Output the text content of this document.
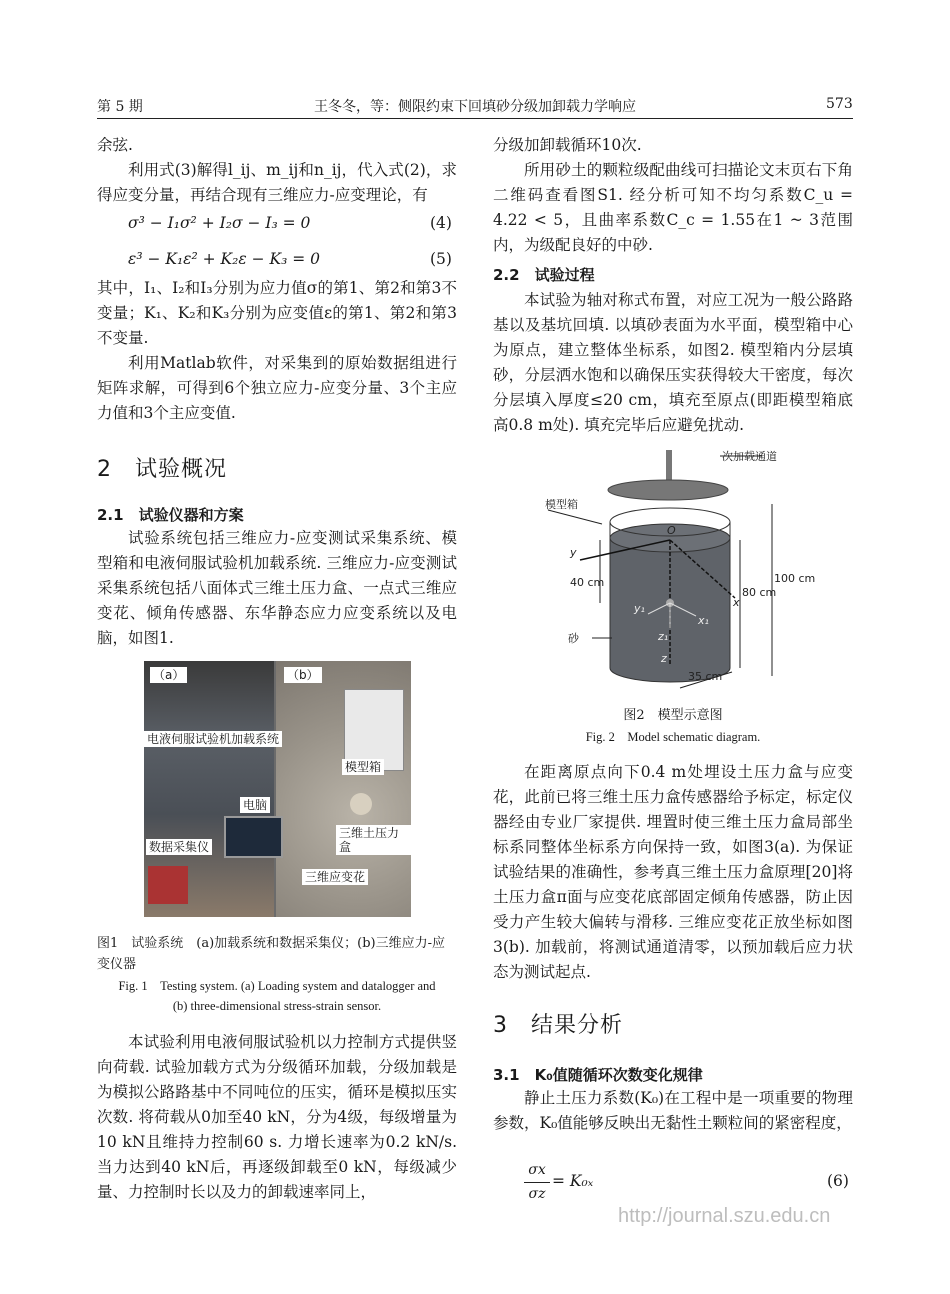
第 5 期	王冬冬，等：侧限约束下回填砂分级加卸载力学响应	573

余弦.

利用式(3)解得l_ij、m_ij和n_ij，代入式(2)，求得应变分量，再结合现有三维应力-应变理论，有

σ³ − I₁σ² + I₂σ − I₃ = 0	(4)
ε³ − K₁ε² + K₂ε − K₃ = 0	(5)

其中，I₁、I₂和I₃分别为应力值σ的第1、第2和第3不变量；K₁、K₂和K₃分别为应变值ε的第1、第2和第3不变量.

利用Matlab软件，对采集到的原始数据组进行矩阵求解，可得到6个独立应力-应变分量、3个主应力值和3个主应变值.

2　试验概况
2.1　试验仪器和方案

试验系统包括三维应力-应变测试采集系统、模型箱和电液伺服试验机加载系统. 三维应力-应变测试采集系统包括八面体式三维土压力盒、一点式三维应变花、倾角传感器、东华静态应力应变系统以及电脑，如图1.

（a）	（b）
电液伺服试验机加载系统
电脑
数据采集仪
模型箱
三维土压力盒
三维应变花
图1　试验系统　(a)加载系统和数据采集仪；(b)三维应力-应变仪器
Fig. 1　Testing system. (a) Loading system and datalogger and
(b) three-dimensional stress-strain sensor.

本试验利用电液伺服试验机以力控制方式提供竖向荷载. 试验加载方式为分级循环加载，分级加载是为模拟公路路基中不同吨位的压实，循环是模拟压实次数. 将荷载从0加至40 kN，分为4级，每级增量为10 kN且维持力控制60 s. 力增长速率为0.2 kN/s. 当力达到40 kN后，再逐级卸载至0 kN，每级减少量、力控制时长以及力的卸载速率同上，

分级加卸载循环10次.

所用砂土的颗粒级配曲线可扫描论文末页右下角二维码查看图S1. 经分析可知不均匀系数C_u = 4.22 < 5，且曲率系数C_c = 1.55在1 ~ 3范围内，为级配良好的中砂.

2.2　试验过程

本试验为轴对称式布置，对应工况为一般公路路基以及基坑回填. 以填砂表面为水平面，模型箱中心为原点，建立整体坐标系，如图2. 模型箱内分层填砂，分层洒水饱和以确保压实获得较大干密度，每次分层填入厚度≤20 cm，填充至原点(即距模型箱底高0.8 m处). 填充完毕后应避免扰动.

次加载通道
模型箱
砂
O
y
x
y₁
x₁
z₁
z
40 cm
80 cm
100 cm
35 cm
图2　模型示意图
Fig. 2　Model schematic diagram.

在距离原点向下0.4 m处埋设土压力盒与应变花，此前已将三维土压力盒传感器给予标定，标定仪器经由专业厂家提供. 埋置时使三维土压力盒局部坐标系同整体坐标系方向保持一致，如图3(a). 为保证试验结果的准确性，参考真三维土压力盒原理[20]将土压力盒π面与应变花底部固定倾角传感器，防止因受力产生较大偏转与滑移. 三维应变花正放坐标如图3(b). 加载前，将测试通道清零，以预加载后应力状态为测试起点.

3　结果分析
3.1　K₀值随循环次数变化规律

静止土压力系数(K₀)在工程中是一项重要的物理参数，K₀值能够反映出无黏性土颗粒间的紧密程度，

σx
σz
= K₀ₓ	(6)
http://journal.szu.edu.cn
